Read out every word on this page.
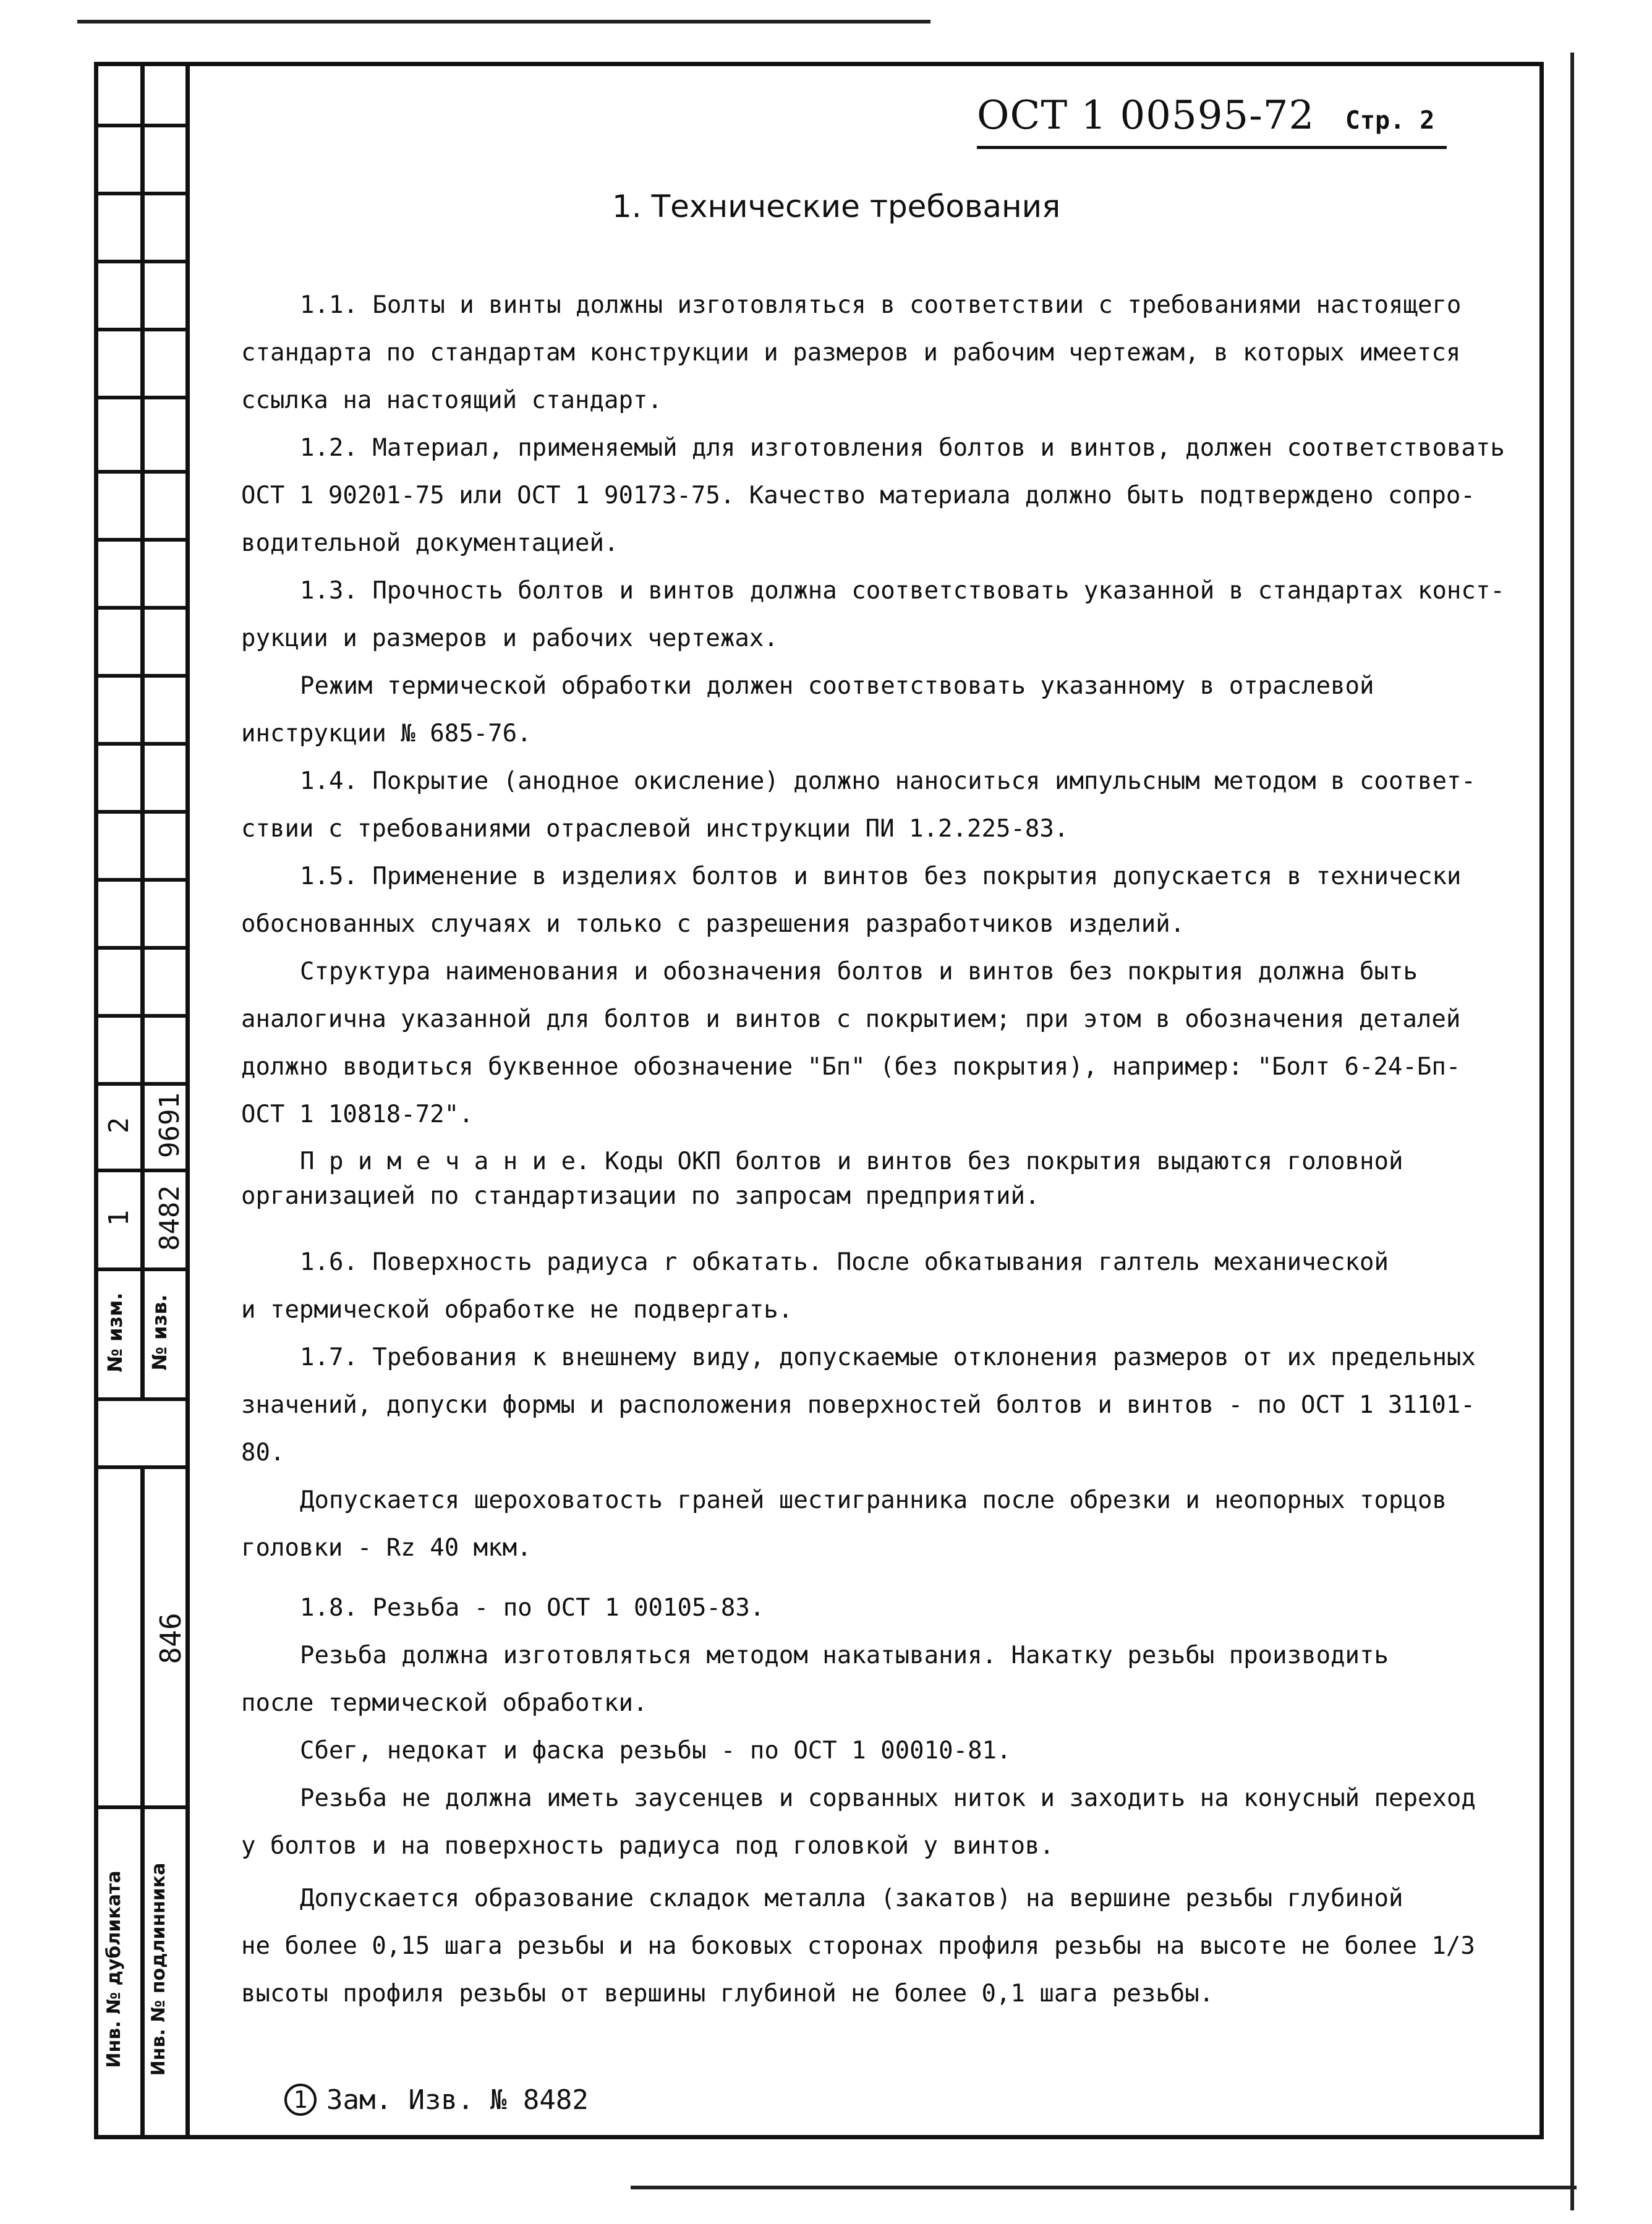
2 9691
1 8482
№ изм.	№ изв.
846
Инв. № дубликата	Инв. № подлинника
ОСТ 1 00595-72 Стр. 2
1. Технические требования

1.1. Болты и винты должны изготовляться в соответствии с требованиями настоящего

стандарта по стандартам конструкции и размеров и рабочим чертежам, в которых имеется

ссылка на настоящий стандарт.

1.2. Материал, применяемый для изготовления болтов и винтов, должен соответствовать

ОСТ 1 90201-75 или ОСТ 1 90173-75. Качество материала должно быть подтверждено сопро-

водительной документацией.

1.3. Прочность болтов и винтов должна соответствовать указанной в стандартах конст-

рукции и размеров и рабочих чертежах.

Режим термической обработки должен соответствовать указанному в отраслевой

инструкции № 685-76.

1.4. Покрытие (анодное окисление) должно наноситься импульсным методом в соответ-

ствии с требованиями отраслевой инструкции ПИ 1.2.225-83.

1.5. Применение в изделиях болтов и винтов без покрытия допускается в технически

обоснованных случаях и только с разрешения разработчиков изделий.

Структура наименования и обозначения болтов и винтов без покрытия должна быть

аналогична указанной для болтов и винтов с покрытием; при этом в обозначения деталей

должно вводиться буквенное обозначение "Бп" (без покрытия), например: "Болт 6-24-Бп-

ОСТ 1 10818-72".

П р и м е ч а н и е. Коды ОКП болтов и винтов без покрытия выдаются головной

организацией по стандартизации по запросам предприятий.

1.6. Поверхность радиуса r обкатать. После обкатывания галтель механической

и термической обработке не подвергать.

1.7. Требования к внешнему виду, допускаемые отклонения размеров от их предельных

значений, допуски формы и расположения поверхностей болтов и винтов - по ОСТ 1 31101-80.

Допускается шероховатость граней шестигранника после обрезки и неопорных торцов

головки - Rz 40 мкм.

1.8. Резьба - по ОСТ 1 00105-83.

Резьба должна изготовляться методом накатывания. Накатку резьбы производить

после термической обработки.

Сбег, недокат и фаска резьбы - по ОСТ 1 00010-81.

Резьба не должна иметь заусенцев и сорванных ниток и заходить на конусный переход

у болтов и на поверхность радиуса под головкой у винтов.

Допускается образование складок металла (закатов) на вершине резьбы глубиной

не более 0,15 шага резьбы и на боковых сторонах профиля резьбы на высоте не более 1/3

высоты профиля резьбы от вершины глубиной не более 0,1 шага резьбы.

1 Зам. Изв. № 8482
